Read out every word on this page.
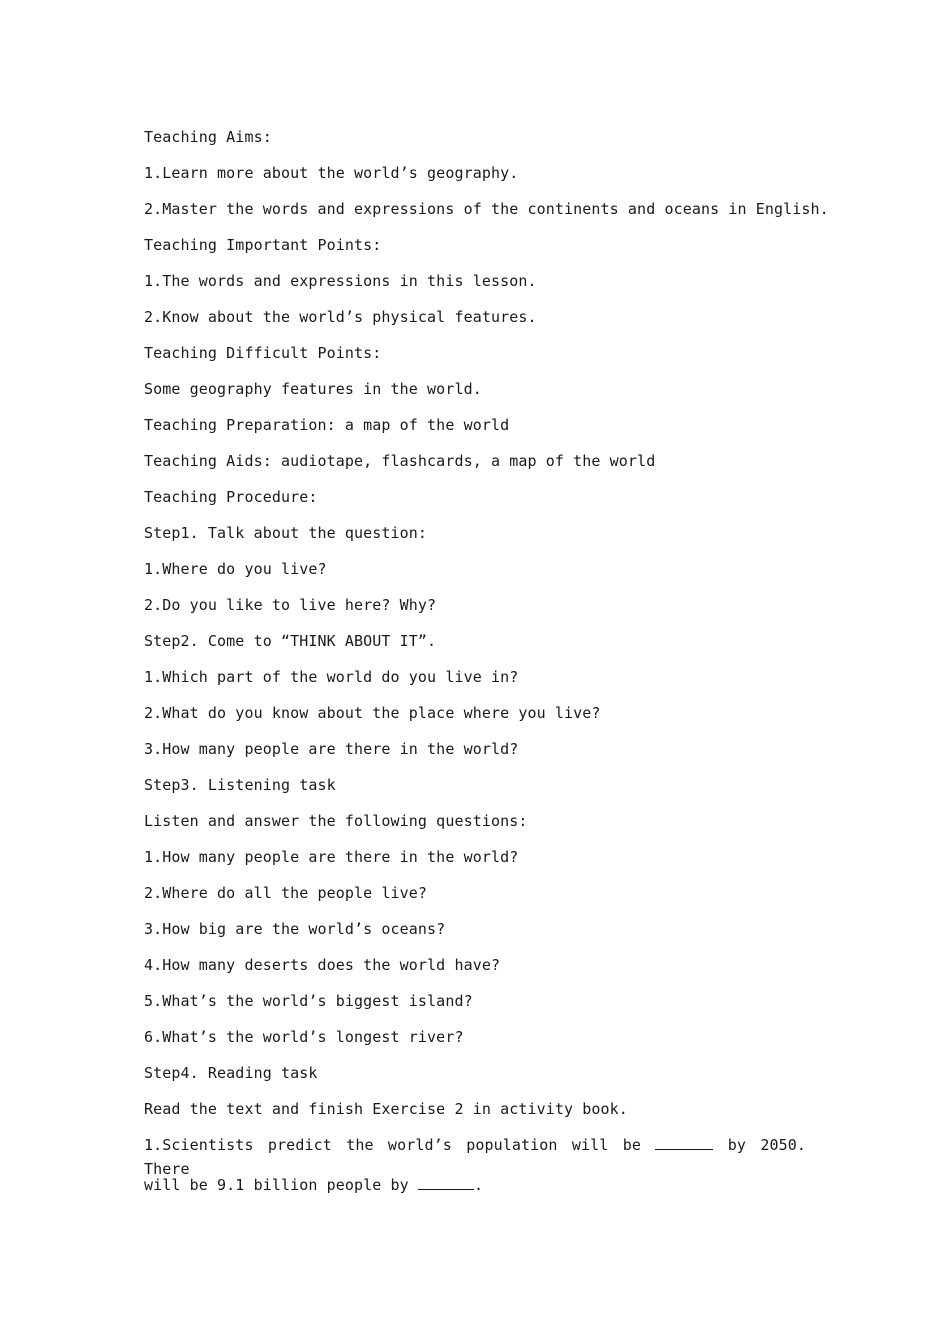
Teaching Aims:
1.Learn more about the world’s geography.
2.Master the words and expressions of the continents and oceans in English.
Teaching Important Points:
1.The words and expressions in this lesson.
2.Know about the world’s physical features.
Teaching Difficult Points:
Some geography features in the world.
Teaching Preparation: a map of the world
Teaching Aids: audiotape, flashcards, a map of the world
Teaching Procedure:
Step1. Talk about the question:
1.Where do you live?
2.Do you like to live here? Why?
Step2. Come to “THINK ABOUT IT”.
1.Which part of the world do you live in?
2.What do you know about the place where you live?
3.How many people are there in the world?
Step3. Listening task
Listen and answer the following questions:
1.How many people are there in the world?
2.Where do all the people live?
3.How big are the world’s oceans?
4.How many deserts does the world have?
5.What’s the world’s biggest island?
6.What’s the world’s longest river?
Step4. Reading task
Read the text and finish Exercise 2 in activity book.
1.Scientists predict the world’s population will be	by 2050. There
will be 9.1 billion people by	.
